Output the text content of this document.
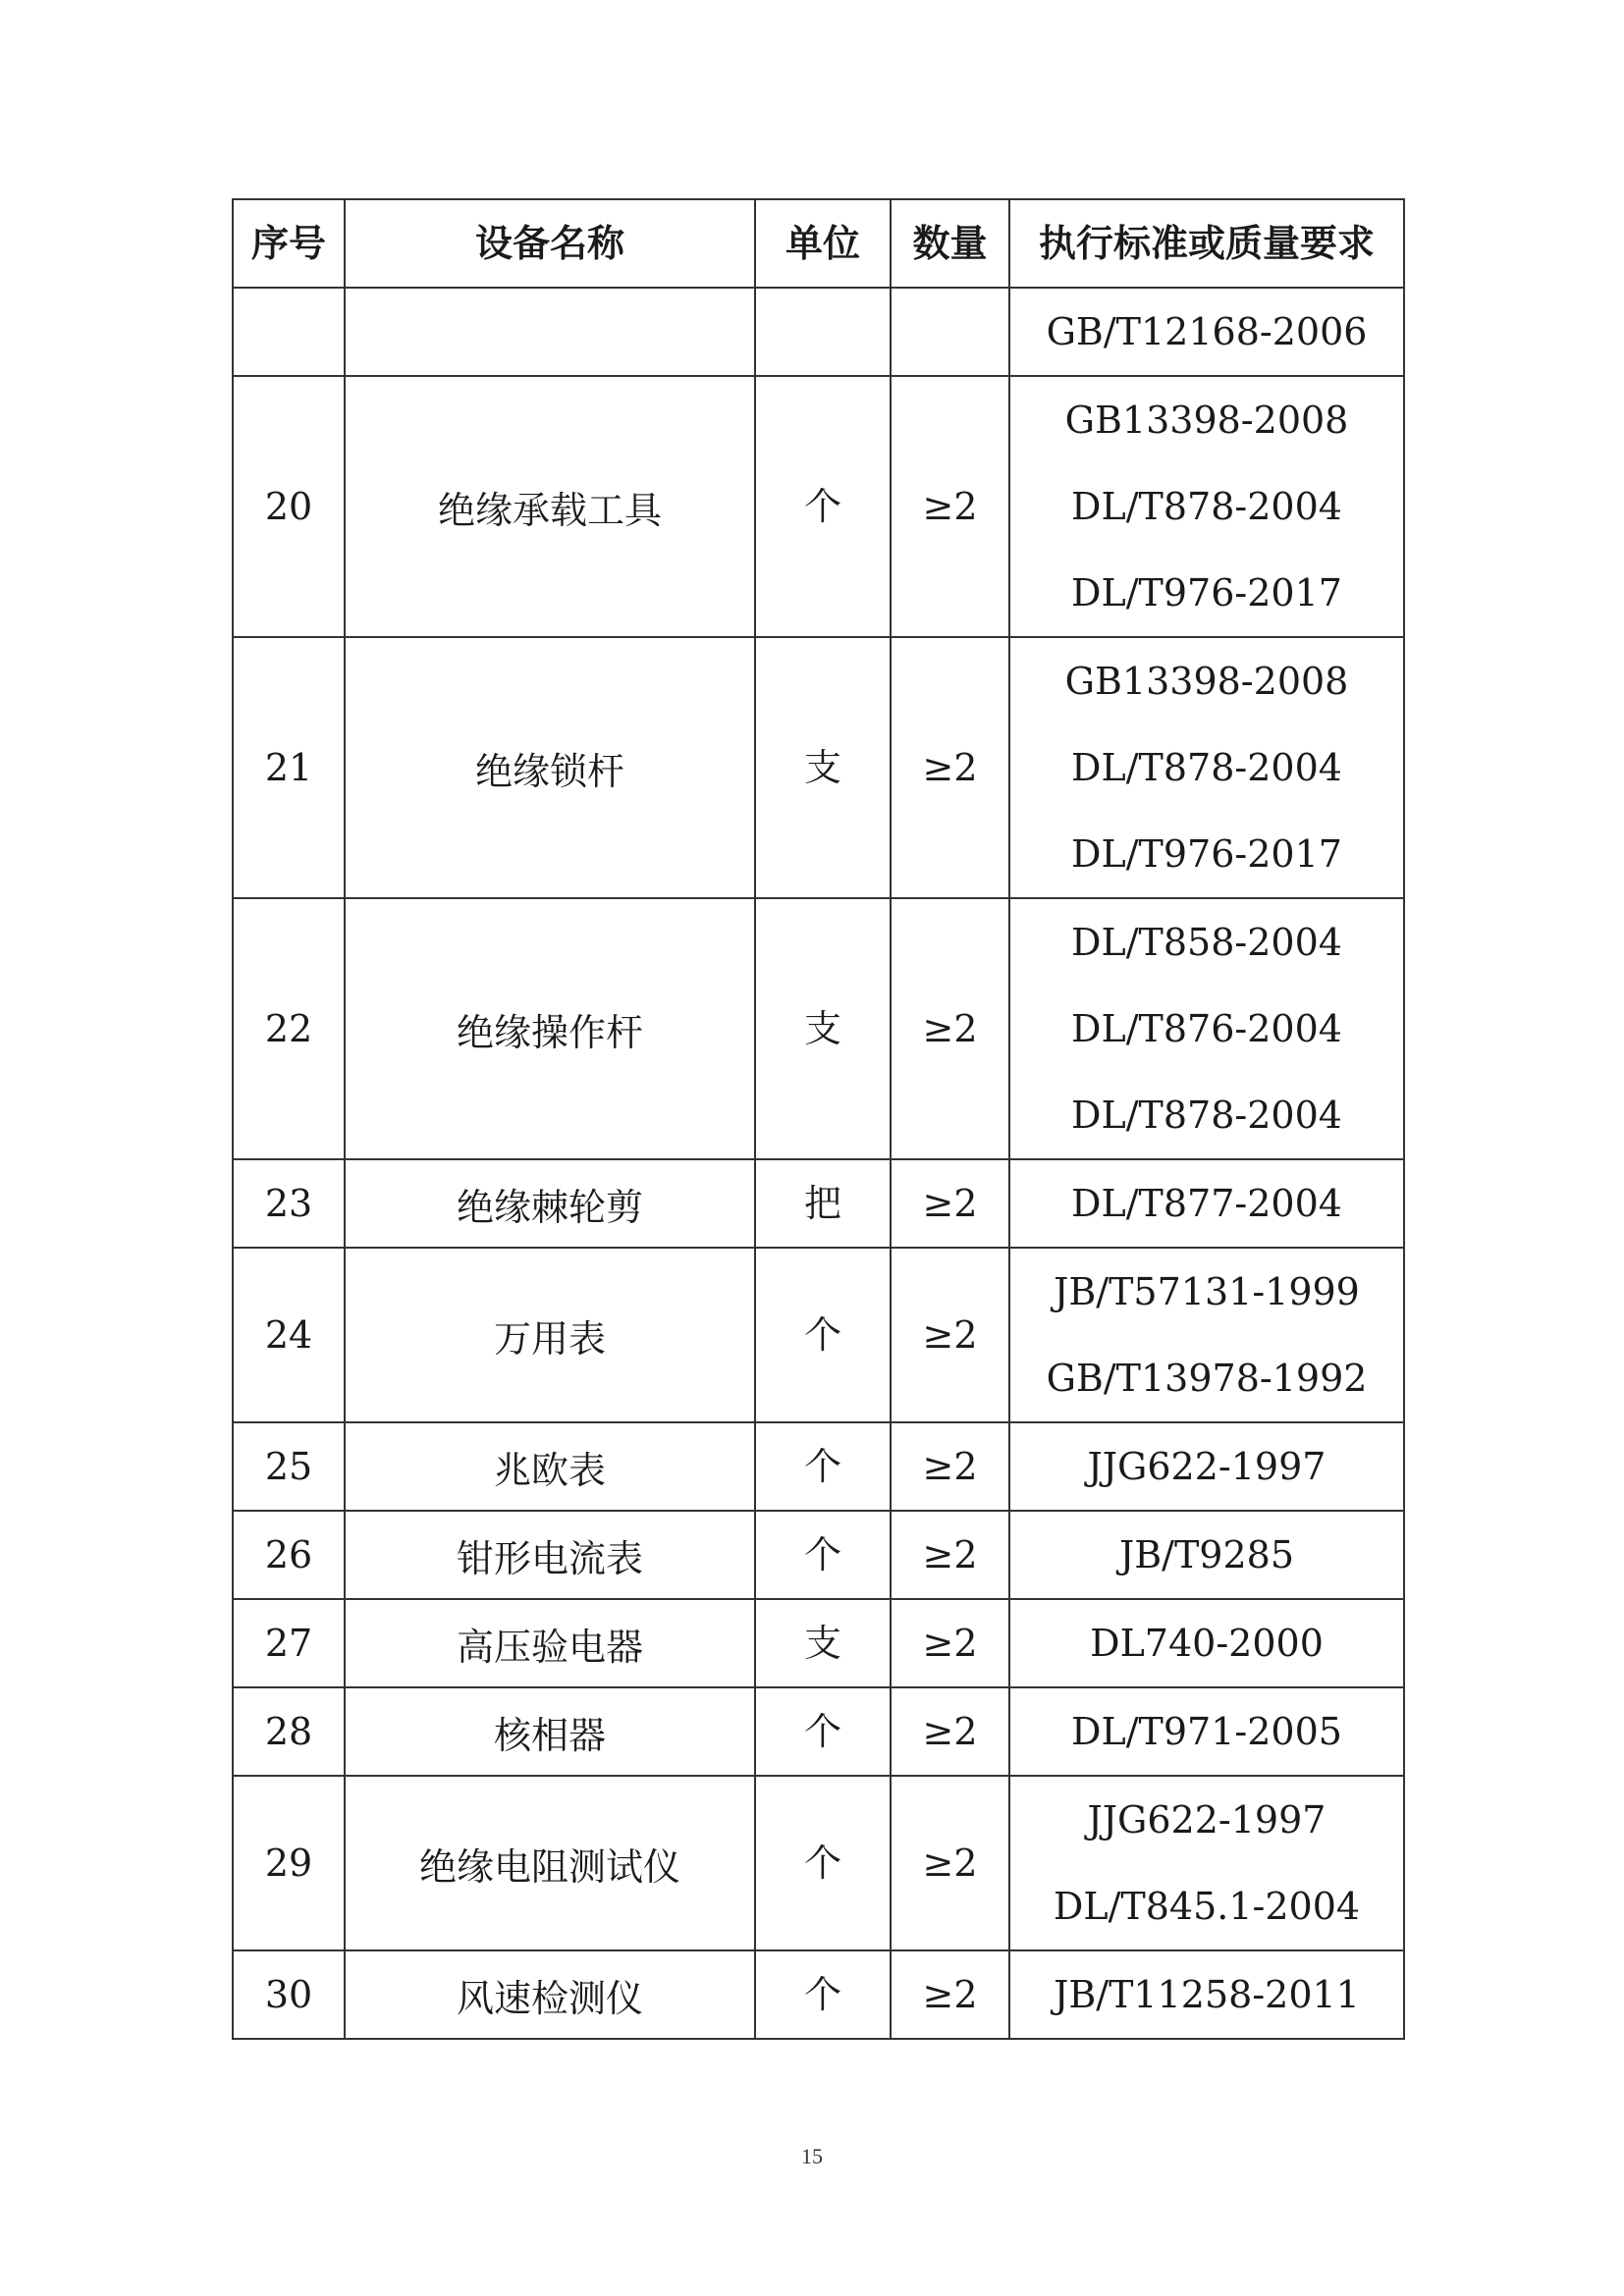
序号	设备名称	单位	数量	执行标准或质量要求

				GB/T12168-2006

20	绝缘承载工具	个	≥2	GB13398-2008
DL/T878-2004
DL/T976-2017

21	绝缘锁杆	支	≥2	GB13398-2008
DL/T878-2004
DL/T976-2017

22	绝缘操作杆	支	≥2	DL/T858-2004
DL/T876-2004
DL/T878-2004

23	绝缘棘轮剪	把	≥2	DL/T877-2004

24	万用表	个	≥2	JB/T57131-1999
GB/T13978-1992

25	兆欧表	个	≥2	JJG622-1997

26	钳形电流表	个	≥2	JB/T9285

27	高压验电器	支	≥2	DL740-2000

28	核相器	个	≥2	DL/T971-2005

29	绝缘电阻测试仪	个	≥2	JJG622-1997
DL/T845.1-2004

30	风速检测仪	个	≥2	JB/T11258-2011
15
